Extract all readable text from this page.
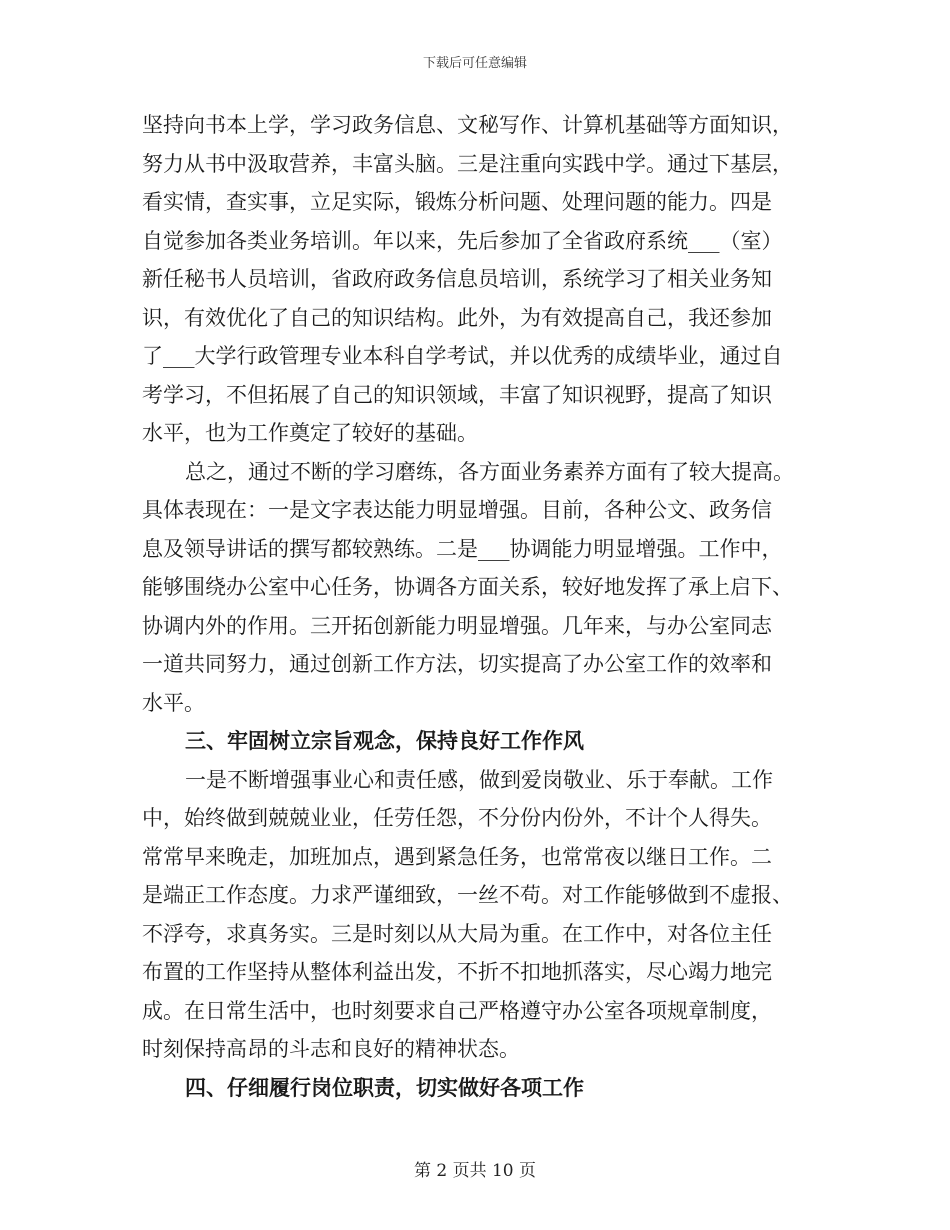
下载后可任意编辑
坚持向书本上学，学习政务信息、文秘写作、计算机基础等方面知识，
努力从书中汲取营养，丰富头脑。三是注重向实践中学。通过下基层，
看实情，查实事，立足实际，锻炼分析问题、处理问题的能力。四是
自觉参加各类业务培训。年以来，先后参加了全省政府系统___（室）
新任秘书人员培训，省政府政务信息员培训，系统学习了相关业务知
识，有效优化了自己的知识结构。此外，为有效提高自己，我还参加
了___大学行政管理专业本科自学考试，并以优秀的成绩毕业，通过自
考学习，不但拓展了自己的知识领域，丰富了知识视野，提高了知识
水平，也为工作奠定了较好的基础。
总之，通过不断的学习磨练，各方面业务素养方面有了较大提高。
具体表现在：一是文字表达能力明显增强。目前，各种公文、政务信
息及领导讲话的撰写都较熟练。二是___协调能力明显增强。工作中，
能够围绕办公室中心任务，协调各方面关系，较好地发挥了承上启下、
协调内外的作用。三开拓创新能力明显增强。几年来，与办公室同志
一道共同努力，通过创新工作方法，切实提高了办公室工作的效率和
水平。
三、牢固树立宗旨观念，保持良好工作作风
一是不断增强事业心和责任感，做到爱岗敬业、乐于奉献。工作
中，始终做到兢兢业业，任劳任怨，不分份内份外，不计个人得失。
常常早来晚走，加班加点，遇到紧急任务，也常常夜以继日工作。二
是端正工作态度。力求严谨细致，一丝不苟。对工作能够做到不虚报、
不浮夸，求真务实。三是时刻以从大局为重。在工作中，对各位主任
布置的工作坚持从整体利益出发，不折不扣地抓落实，尽心竭力地完
成。在日常生活中，也时刻要求自己严格遵守办公室各项规章制度，
时刻保持高昂的斗志和良好的精神状态。
四、仔细履行岗位职责，切实做好各项工作
第 2 页共 10 页
